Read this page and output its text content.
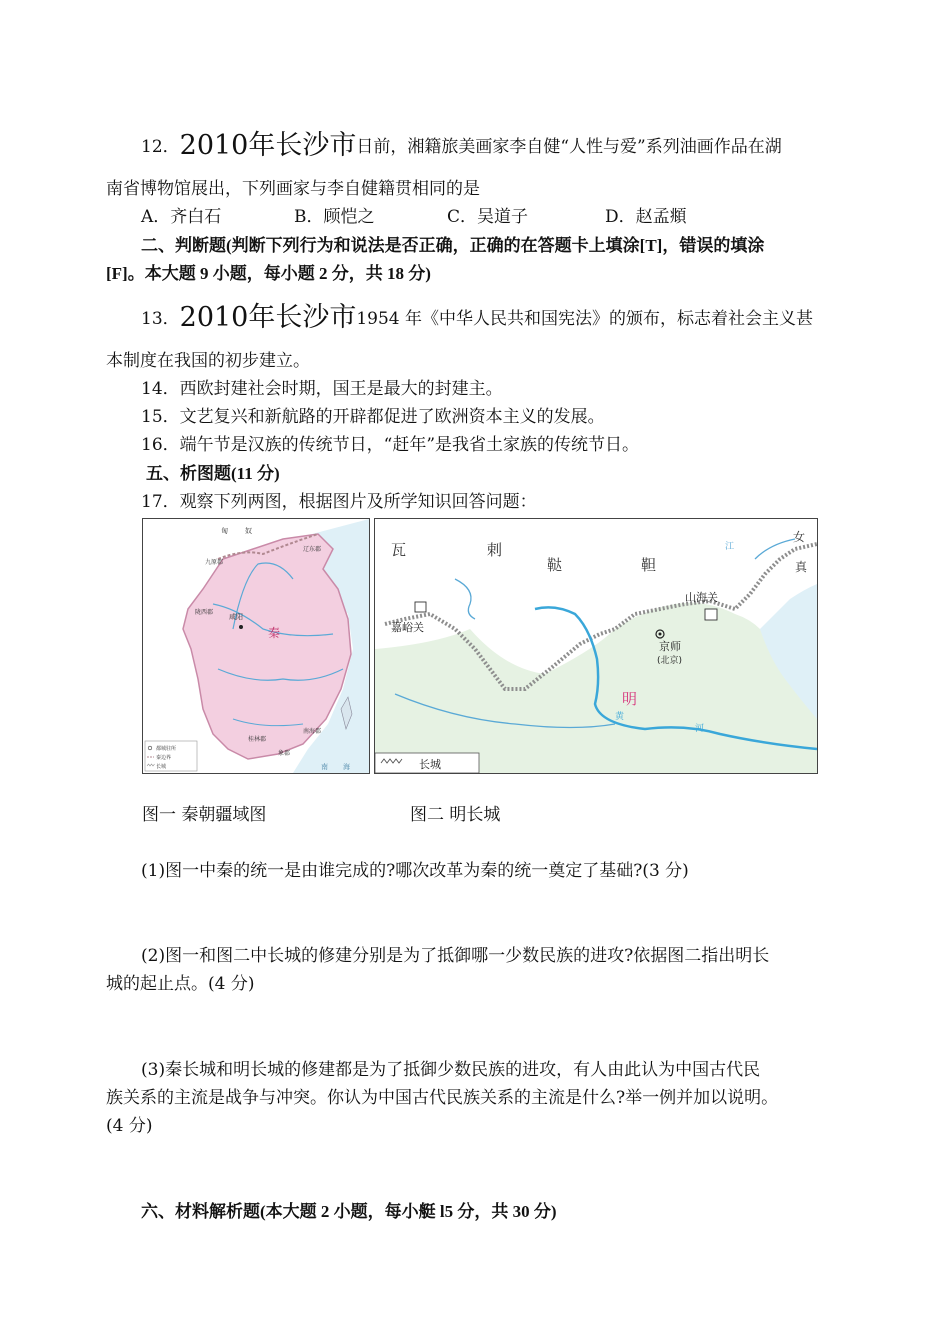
12．2010年长沙市日前，湘籍旅美画家李自健“人性与爱”系列油画作品在湖
南省博物馆展出，下列画家与李自健籍贯相同的是
A．齐白石	B．顾恺之	C．吴道子	D．赵孟頫
二、判断题(判断下列行为和说法是否正确，正确的在答题卡上填涂[T]，错误的填涂
[F]。本大题 9 小题，每小题 2 分，共 18 分)
13．2010年长沙市1954 年《中华人民共和国宪法》的颁布，标志着社会主义甚
本制度在我国的初步建立。
14．西欧封建社会时期，国王是最大的封建主。
15．文艺复兴和新航路的开辟都促进了欧洲资本主义的发展。
16．端午节是汉族的传统节日，“赶年”是我省土家族的传统节日。
五、析图题(11 分)
17．观察下列两图，根据图片及所学知识回答问题：
匈 奴
辽东郡
九原郡
陇西郡
咸阳
秦
桂林郡
象郡
南海郡
南 海
都城驻所
秦边界
长城	长城
瓦	剌
鞑	靼
女
真
江
嘉峪关
山海关
京师
(北京)
明
黄
河
图一 秦朝疆域图	图二 明长城
(1)图一中秦的统一是由谁完成的?哪次改革为秦的统一奠定了基础?(3 分)
(2)图一和图二中长城的修建分别是为了抵御哪一少数民族的进攻?依据图二指出明长
城的起止点。(4 分)
(3)秦长城和明长城的修建都是为了抵御少数民族的进攻，有人由此认为中国古代民
族关系的主流是战争与冲突。你认为中国古代民族关系的主流是什么?举一例并加以说明。
(4 分)
六、材料解析题(本大题 2 小题，每小艇 l5 分，共 30 分)
